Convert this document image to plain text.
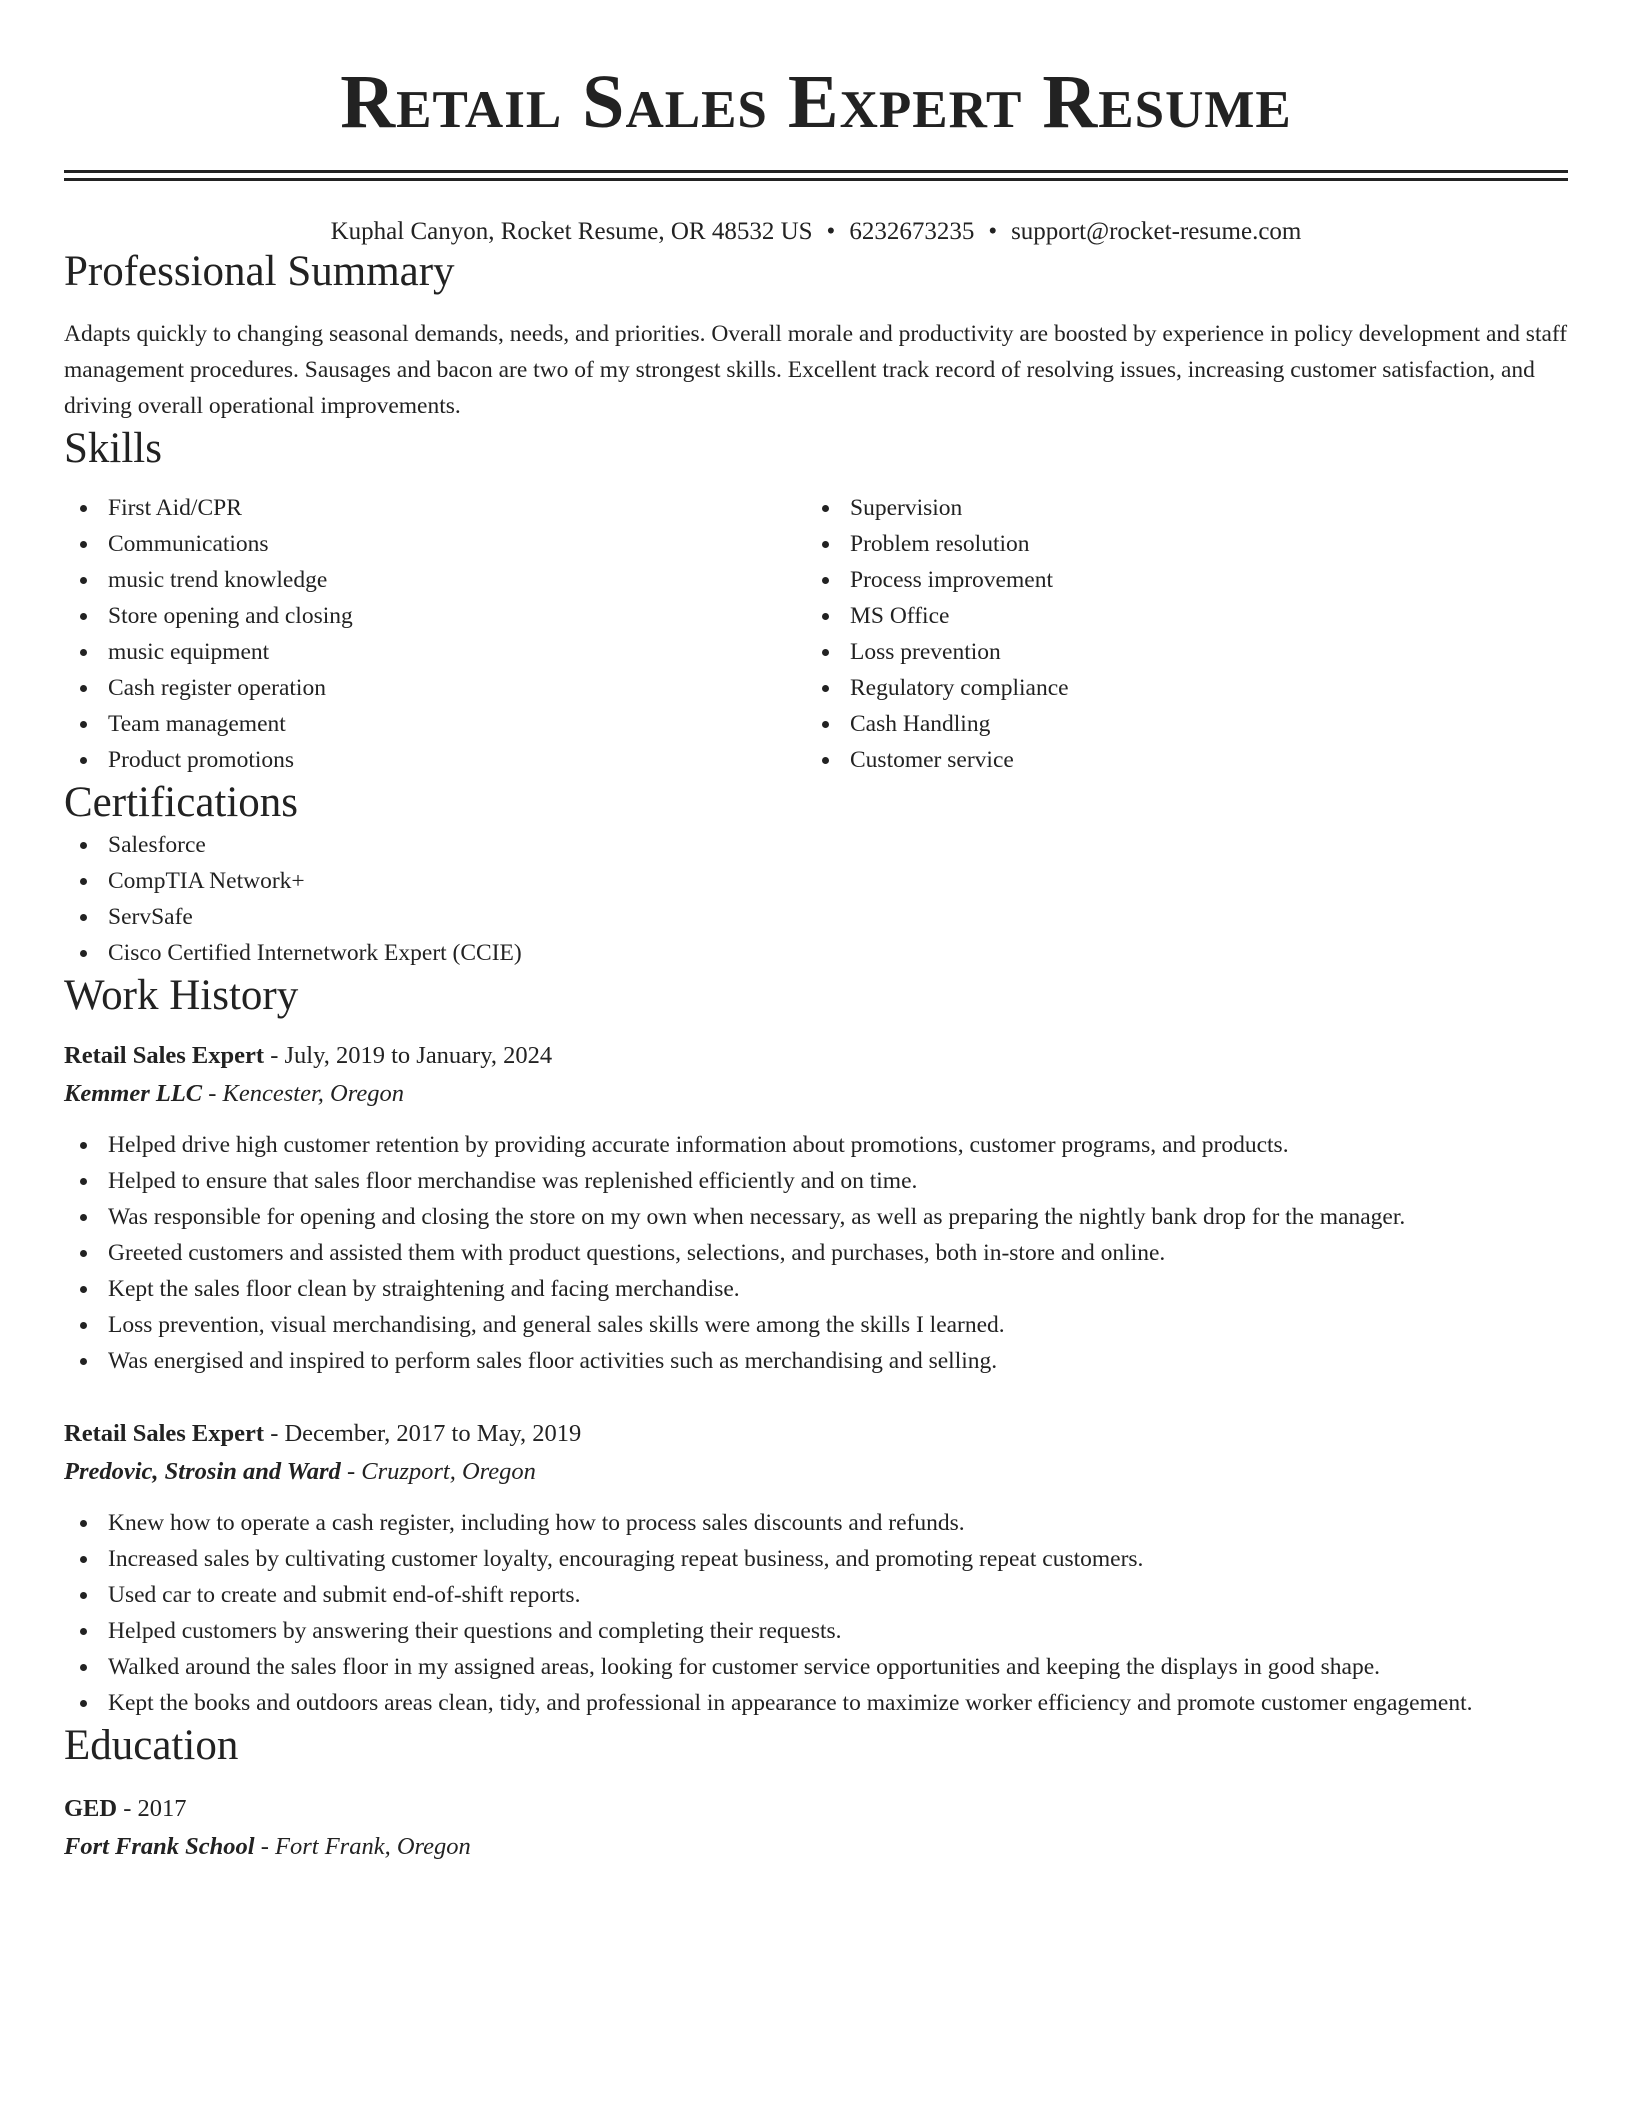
Retail Sales Expert Resume
Kuphal Canyon, Rocket Resume, OR 48532 US • 6232673235 • support@rocket-resume.com
Professional Summary

Adapts quickly to changing seasonal demands, needs, and priorities. Overall morale and productivity are boosted by experience in policy development and staff management procedures. Sausages and bacon are two of my strongest skills. Excellent track record of resolving issues, increasing customer satisfaction, and driving overall operational improvements.

Skills
First Aid/CPR
Communications
music trend knowledge
Store opening and closing
music equipment
Cash register operation
Team management
Product promotions
Supervision
Problem resolution
Process improvement
MS Office
Loss prevention
Regulatory compliance
Cash Handling
Customer service
Certifications
Salesforce
CompTIA Network+
ServSafe
Cisco Certified Internetwork Expert (CCIE)
Work History
Retail Sales Expert - July, 2019 to January, 2024
Kemmer LLC - Kencester, Oregon
Helped drive high customer retention by providing accurate information about promotions, customer programs, and products.
Helped to ensure that sales floor merchandise was replenished efficiently and on time.
Was responsible for opening and closing the store on my own when necessary, as well as preparing the nightly bank drop for the manager.
Greeted customers and assisted them with product questions, selections, and purchases, both in-store and online.
Kept the sales floor clean by straightening and facing merchandise.
Loss prevention, visual merchandising, and general sales skills were among the skills I learned.
Was energised and inspired to perform sales floor activities such as merchandising and selling.
Retail Sales Expert - December, 2017 to May, 2019
Predovic, Strosin and Ward - Cruzport, Oregon
Knew how to operate a cash register, including how to process sales discounts and refunds.
Increased sales by cultivating customer loyalty, encouraging repeat business, and promoting repeat customers.
Used car to create and submit end-of-shift reports.
Helped customers by answering their questions and completing their requests.
Walked around the sales floor in my assigned areas, looking for customer service opportunities and keeping the displays in good shape.
Kept the books and outdoors areas clean, tidy, and professional in appearance to maximize worker efficiency and promote customer engagement.
Education
GED - 2017
Fort Frank School - Fort Frank, Oregon
